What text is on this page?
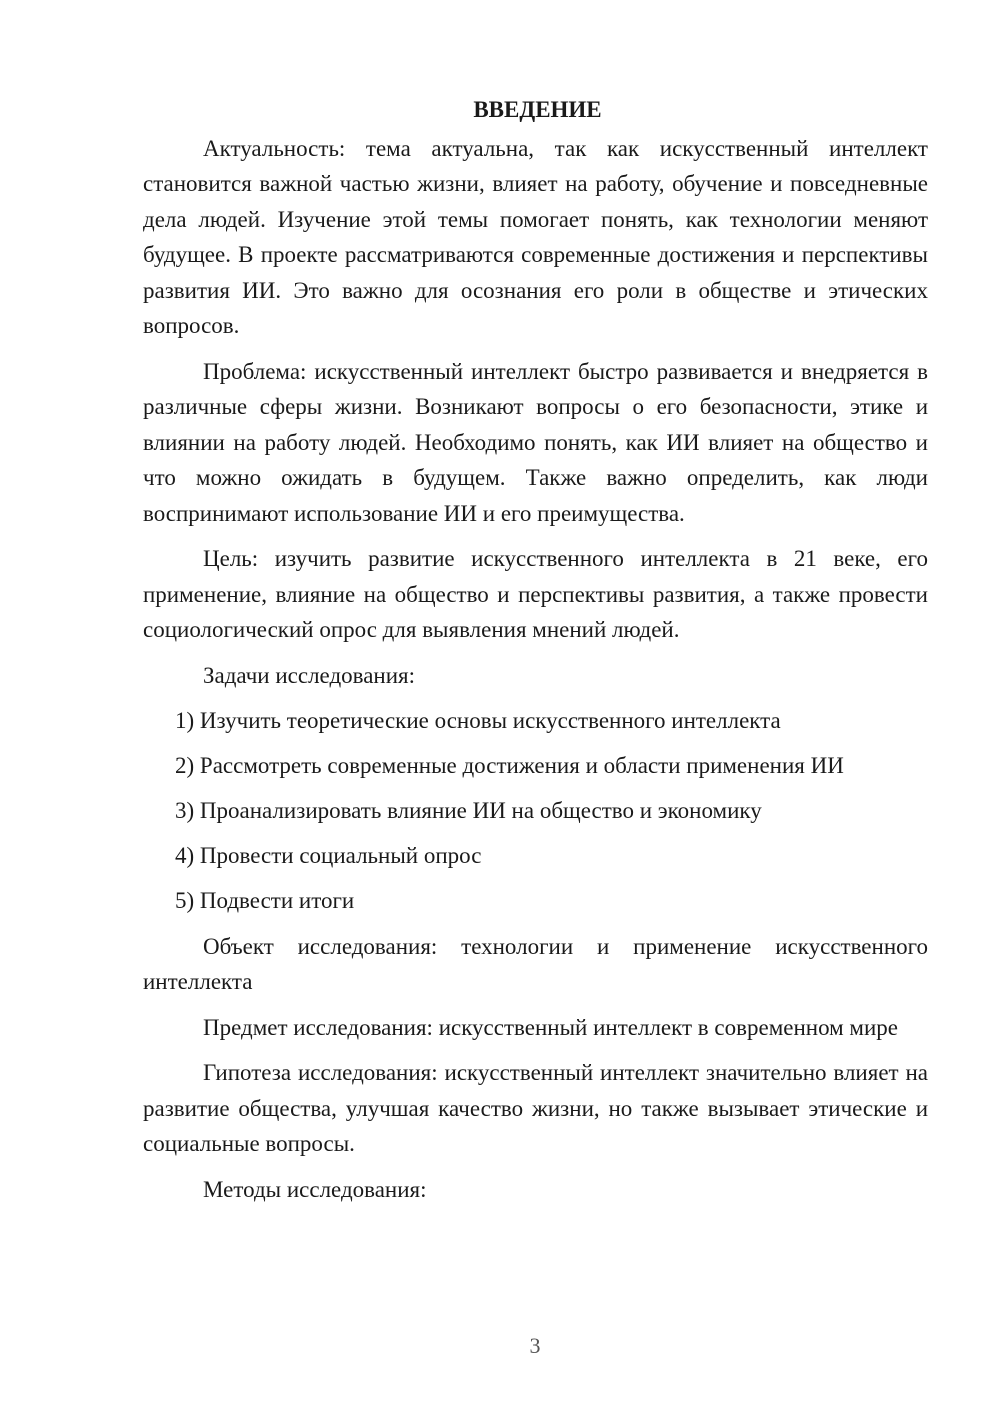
ВВЕДЕНИЕ

Актуальность: тема актуальна, так как искусственный интеллект становится важной частью жизни, влияет на работу, обучение и повседневные дела людей. Изучение этой темы помогает понять, как технологии меняют будущее. В проекте рассматриваются современные достижения и перспективы развития ИИ. Это важно для осознания его роли в обществе и этических вопросов.

Проблема: искусственный интеллект быстро развивается и внедряется в различные сферы жизни. Возникают вопросы о его безопасности, этике и влиянии на работу людей. Необходимо понять, как ИИ влияет на общество и что можно ожидать в будущем. Также важно определить, как люди воспринимают использование ИИ и его преимущества.

Цель: изучить развитие искусственного интеллекта в 21 веке, его применение, влияние на общество и перспективы развития, а также провести социологический опрос для выявления мнений людей.

Задачи исследования:

1) Изучить теоретические основы искусственного интеллекта
2) Рассмотреть современные достижения и области применения ИИ
3) Проанализировать влияние ИИ на общество и экономику
4) Провести социальный опрос
5) Подвести итоги

Объект исследования: технологии и применение искусственного интеллекта

Предмет исследования: искусственный интеллект в современном мире

Гипотеза исследования: искусственный интеллект значительно влияет на развитие общества, улучшая качество жизни, но также вызывает этические и социальные вопросы.

Методы исследования:

3
